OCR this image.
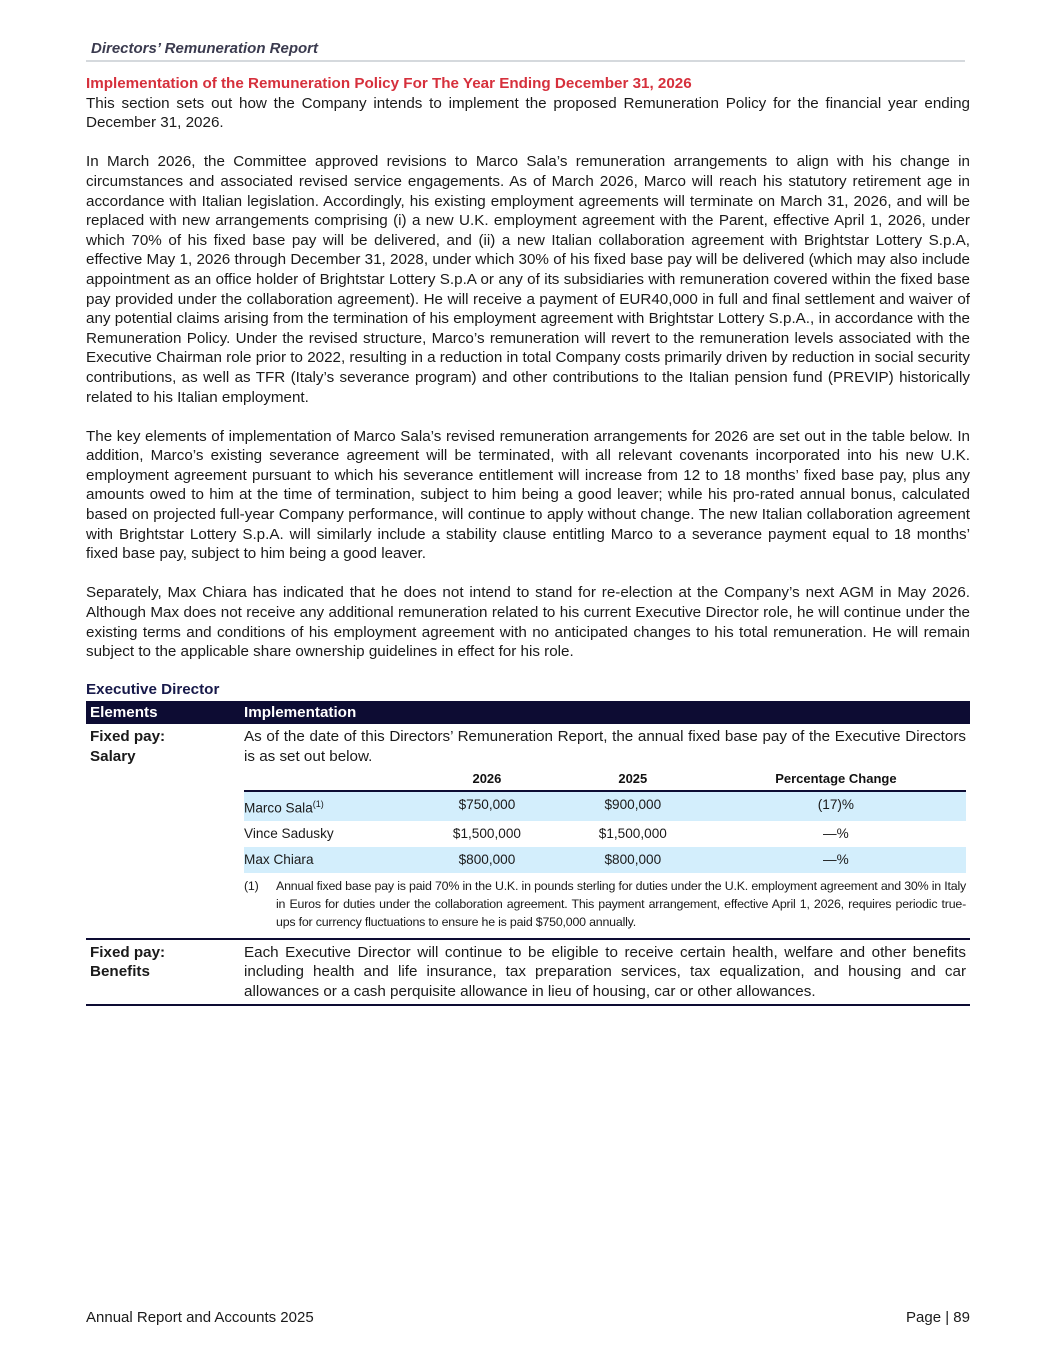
Directors’ Remuneration Report
Implementation of the Remuneration Policy For The Year Ending December 31, 2026

This section sets out how the Company intends to implement the proposed Remuneration Policy for the financial year ending December 31, 2026.

In March 2026, the Committee approved revisions to Marco Sala’s remuneration arrangements to align with his change in circumstances and associated revised service engagements. As of March 2026, Marco will reach his statutory retirement age in accordance with Italian legislation. Accordingly, his existing employment agreements will terminate on March 31, 2026, and will be replaced with new arrangements comprising (i) a new U.K. employment agreement with the Parent, effective April 1, 2026, under which 70% of his fixed base pay will be delivered, and (ii) a new Italian collaboration agreement with Brightstar Lottery S.p.A, effective May 1, 2026 through December 31, 2028, under which 30% of his fixed base pay will be delivered (which may also include appointment as an office holder of Brightstar Lottery S.p.A or any of its subsidiaries with remuneration covered within the fixed base pay provided under the collaboration agreement). He will receive a payment of EUR40,000 in full and final settlement and waiver of any potential claims arising from the termination of his employment agreement with Brightstar Lottery S.p.A., in accordance with the Remuneration Policy. Under the revised structure, Marco’s remuneration will revert to the remuneration levels associated with the Executive Chairman role prior to 2022, resulting in a reduction in total Company costs primarily driven by reduction in social security contributions, as well as TFR (Italy’s severance program) and other contributions to the Italian pension fund (PREVIP) historically related to his Italian employment.

The key elements of implementation of Marco Sala’s revised remuneration arrangements for 2026 are set out in the table below. In addition, Marco’s existing severance agreement will be terminated, with all relevant covenants incorporated into his new U.K. employment agreement pursuant to which his severance entitlement will increase from 12 to 18 months’ fixed base pay, plus any amounts owed to him at the time of termination, subject to him being a good leaver; while his pro-rated annual bonus, calculated based on projected full-year Company performance, will continue to apply without change. The new Italian collaboration agreement with Brightstar Lottery S.p.A. will similarly include a stability clause entitling Marco to a severance payment equal to 18 months’ fixed base pay, subject to him being a good leaver.

Separately, Max Chiara has indicated that he does not intend to stand for re-election at the Company’s next AGM in May 2026. Although Max does not receive any additional remuneration related to his current Executive Director role, he will continue under the existing terms and conditions of his employment agreement with no anticipated changes to his total remuneration. He will remain subject to the applicable share ownership guidelines in effect for his role.

Executive Director
Elements	Implementation

Fixed pay:
Salary

As of the date of this Directors’ Remuneration Report, the annual fixed base pay of the Executive Directors is as set out below.
	2026	2025	Percentage Change
Marco Sala$^{(1)}$	$750,000	$900,000	(17)%
Vince Sadusky	$1,500,000	$1,500,000	—%
Max Chiara	$800,000	$800,000	—%
(1)	Annual fixed base pay is paid 70% in the U.K. in pounds sterling for duties under the U.K. employment agreement and 30% in Italy in Euros for duties under the collaboration agreement. This payment arrangement, effective April 1, 2026, requires periodic true-ups for currency fluctuations to ensure he is paid $750,000 annually.

Fixed pay:
Benefits
	Each Executive Director will continue to be eligible to receive certain health, welfare and other benefits including health and life insurance, tax preparation services, tax equalization, and housing and car allowances or a cash perquisite allowance in lieu of housing, car or other allowances.
Annual Report and Accounts 2025	Page | 89
